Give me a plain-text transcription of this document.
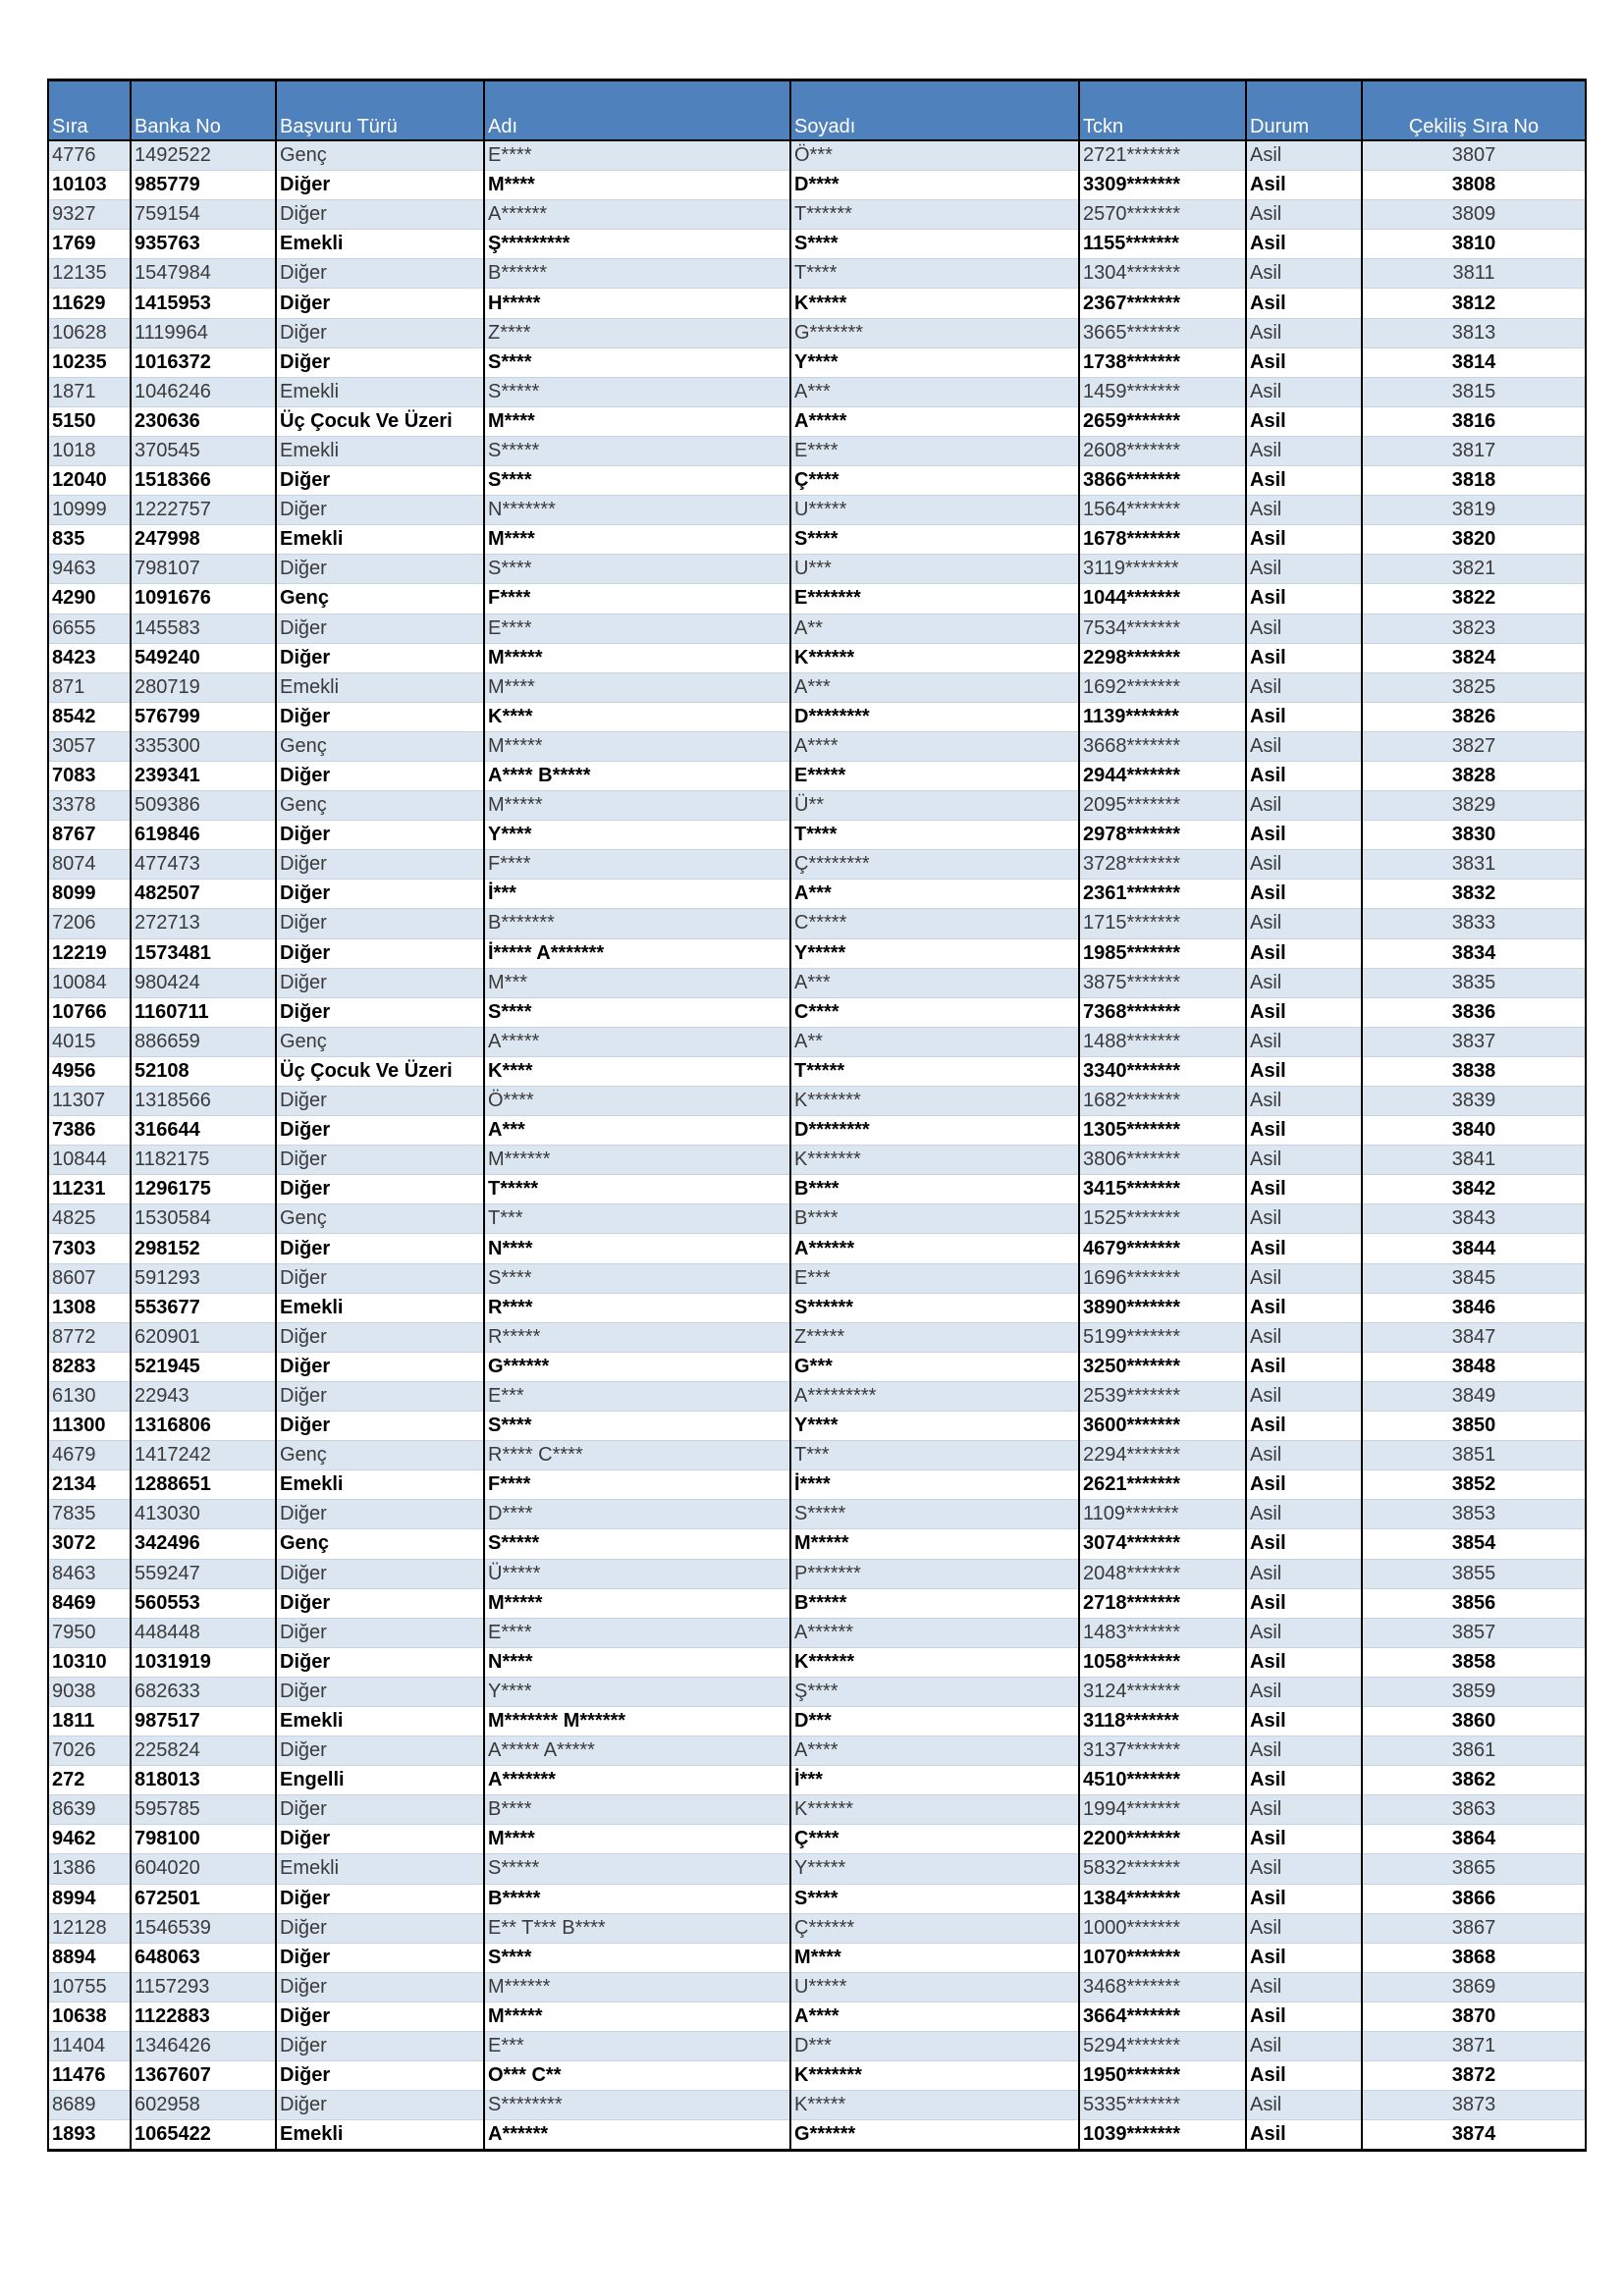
Sıra	Banka No	Başvuru Türü	Adı	Soyadı	Tckn	Durum	Çekiliş Sıra No
4776	1492522	Genç	E****	Ö***	2721*******	Asil	3807
10103	985779	Diğer	M****	D****	3309*******	Asil	3808
9327	759154	Diğer	A******	T******	2570*******	Asil	3809
1769	935763	Emekli	Ş*********	S****	1155*******	Asil	3810
12135	1547984	Diğer	B******	T****	1304*******	Asil	3811
11629	1415953	Diğer	H*****	K*****	2367*******	Asil	3812
10628	1119964	Diğer	Z****	G*******	3665*******	Asil	3813
10235	1016372	Diğer	S****	Y****	1738*******	Asil	3814
1871	1046246	Emekli	S*****	A***	1459*******	Asil	3815
5150	230636	Üç Çocuk Ve Üzeri	M****	A*****	2659*******	Asil	3816
1018	370545	Emekli	S*****	E****	2608*******	Asil	3817
12040	1518366	Diğer	S****	Ç****	3866*******	Asil	3818
10999	1222757	Diğer	N*******	U*****	1564*******	Asil	3819
835	247998	Emekli	M****	S****	1678*******	Asil	3820
9463	798107	Diğer	S****	U***	3119*******	Asil	3821
4290	1091676	Genç	F****	E*******	1044*******	Asil	3822
6655	145583	Diğer	E****	A**	7534*******	Asil	3823
8423	549240	Diğer	M*****	K******	2298*******	Asil	3824
871	280719	Emekli	M****	A***	1692*******	Asil	3825
8542	576799	Diğer	K****	D********	1139*******	Asil	3826
3057	335300	Genç	M*****	A****	3668*******	Asil	3827
7083	239341	Diğer	A**** B*****	E*****	2944*******	Asil	3828
3378	509386	Genç	M*****	Ü**	2095*******	Asil	3829
8767	619846	Diğer	Y****	T****	2978*******	Asil	3830
8074	477473	Diğer	F****	Ç********	3728*******	Asil	3831
8099	482507	Diğer	İ***	A***	2361*******	Asil	3832
7206	272713	Diğer	B*******	C*****	1715*******	Asil	3833
12219	1573481	Diğer	İ***** A*******	Y*****	1985*******	Asil	3834
10084	980424	Diğer	M***	A***	3875*******	Asil	3835
10766	1160711	Diğer	S****	C****	7368*******	Asil	3836
4015	886659	Genç	A*****	A**	1488*******	Asil	3837
4956	52108	Üç Çocuk Ve Üzeri	K****	T*****	3340*******	Asil	3838
11307	1318566	Diğer	Ö****	K*******	1682*******	Asil	3839
7386	316644	Diğer	A***	D********	1305*******	Asil	3840
10844	1182175	Diğer	M******	K*******	3806*******	Asil	3841
11231	1296175	Diğer	T*****	B****	3415*******	Asil	3842
4825	1530584	Genç	T***	B****	1525*******	Asil	3843
7303	298152	Diğer	N****	A******	4679*******	Asil	3844
8607	591293	Diğer	S****	E***	1696*******	Asil	3845
1308	553677	Emekli	R****	S******	3890*******	Asil	3846
8772	620901	Diğer	R*****	Z*****	5199*******	Asil	3847
8283	521945	Diğer	G******	G***	3250*******	Asil	3848
6130	22943	Diğer	E***	A*********	2539*******	Asil	3849
11300	1316806	Diğer	S****	Y****	3600*******	Asil	3850
4679	1417242	Genç	R**** C****	T***	2294*******	Asil	3851
2134	1288651	Emekli	F****	İ****	2621*******	Asil	3852
7835	413030	Diğer	D****	S*****	1109*******	Asil	3853
3072	342496	Genç	S*****	M*****	3074*******	Asil	3854
8463	559247	Diğer	Ü*****	P*******	2048*******	Asil	3855
8469	560553	Diğer	M*****	B*****	2718*******	Asil	3856
7950	448448	Diğer	E****	A******	1483*******	Asil	3857
10310	1031919	Diğer	N****	K******	1058*******	Asil	3858
9038	682633	Diğer	Y****	Ş****	3124*******	Asil	3859
1811	987517	Emekli	M******* M******	D***	3118*******	Asil	3860
7026	225824	Diğer	A***** A*****	A****	3137*******	Asil	3861
272	818013	Engelli	A*******	İ***	4510*******	Asil	3862
8639	595785	Diğer	B****	K******	1994*******	Asil	3863
9462	798100	Diğer	M****	Ç****	2200*******	Asil	3864
1386	604020	Emekli	S*****	Y*****	5832*******	Asil	3865
8994	672501	Diğer	B*****	S****	1384*******	Asil	3866
12128	1546539	Diğer	E** T*** B****	Ç******	1000*******	Asil	3867
8894	648063	Diğer	S****	M****	1070*******	Asil	3868
10755	1157293	Diğer	M******	U*****	3468*******	Asil	3869
10638	1122883	Diğer	M*****	A****	3664*******	Asil	3870
11404	1346426	Diğer	E***	D***	5294*******	Asil	3871
11476	1367607	Diğer	O*** C**	K*******	1950*******	Asil	3872
8689	602958	Diğer	S********	K*****	5335*******	Asil	3873
1893	1065422	Emekli	A******	G******	1039*******	Asil	3874
